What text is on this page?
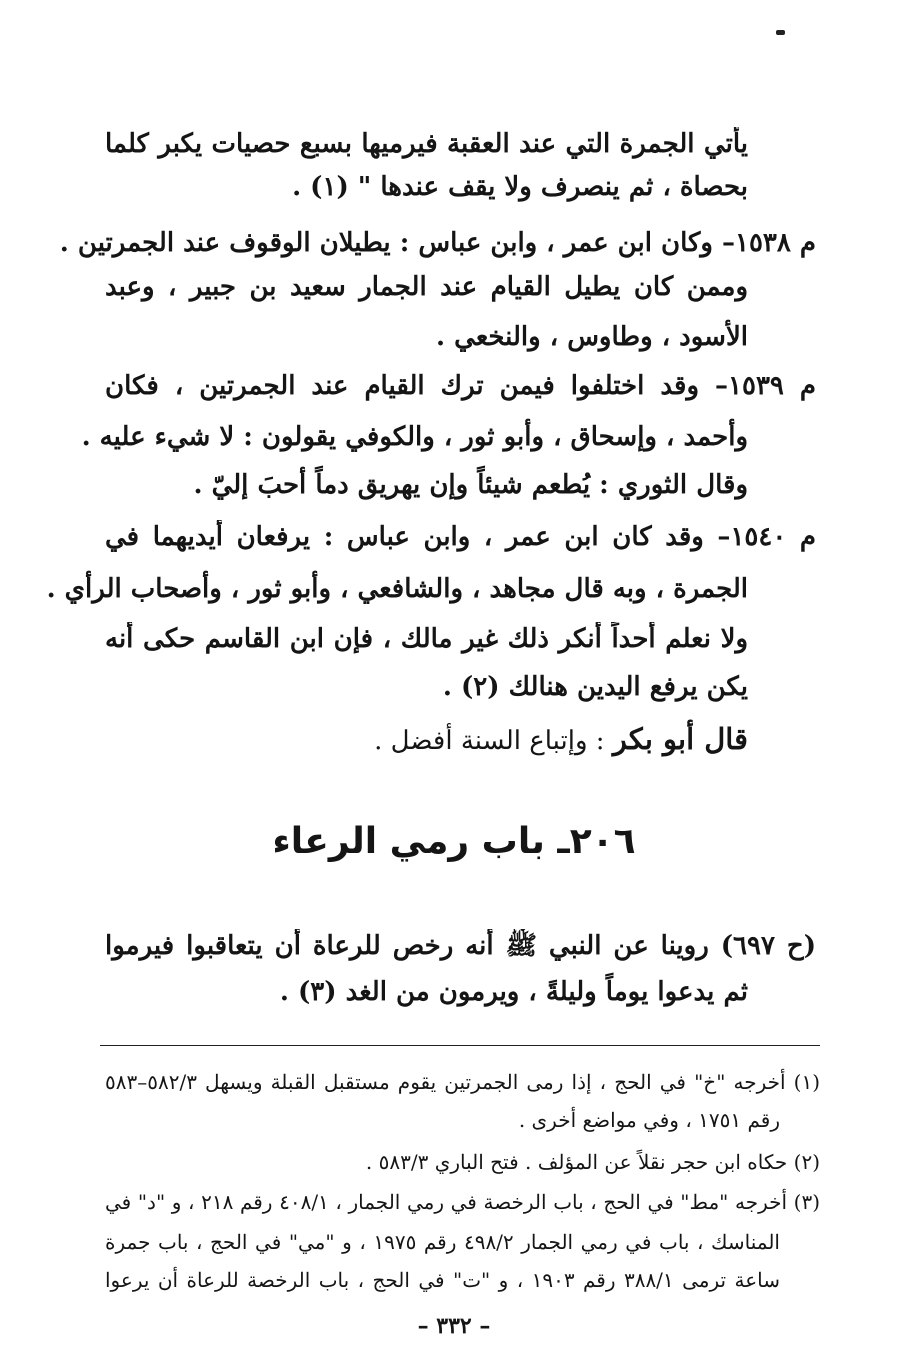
يأتي الجمرة التي عند العقبة فيرميها بسبع حصيات يكبر كلما
بحصاة ، ثم ينصرف ولا يقف عندها " (١) .
م ١٥٣٨– وكان ابن عمر ، وابن عباس : يطيلان الوقوف عند الجمرتين .
وممن كان يطيل القيام عند الجمار سعيد بن جبير ، وعبد
الأسود ، وطاوس ، والنخعي .
م ١٥٣٩– وقد اختلفوا فيمن ترك القيام عند الجمرتين ، فكان
وأحمد ، وإسحاق ، وأبو ثور ، والكوفي يقولون : لا شيء عليه .
وقال الثوري : يُطعم شيئاً وإن يهريق دماً أحبَ إليّ .
م ١٥٤٠– وقد كان ابن عمر ، وابن عباس : يرفعان أيديهما في
الجمرة ، وبه قال مجاهد ، والشافعي ، وأبو ثور ، وأصحاب الرأي .
ولا نعلم أحداً أنكر ذلك غير مالك ، فإن ابن القاسم حكى أنه
يكن يرفع اليدين هنالك (٢) .
قال أبو بكر : وإتباع السنة أفضل .
٢٠٦ـ باب رمي الرعاء
(ح ٦٩٧) روينا عن النبي ﷺ أنه رخص للرعاة أن يتعاقبوا فيرموا
ثم يدعوا يوماً وليلةً ، ويرمون من الغد (٣) .
(١) أخرجه "خ" في الحج ، إذا رمى الجمرتين يقوم مستقبل القبلة ويسهل ٥٨٢/٣–٥٨٣
رقم ١٧٥١ ، وفي مواضع أخرى .
(٢) حكاه ابن حجر نقلاً عن المؤلف . فتح الباري ٥٨٣/٣ .
(٣) أخرجه "مط" في الحج ، باب الرخصة في رمي الجمار ، ٤٠٨/١ رقم ٢١٨ ، و "د" في
المناسك ، باب في رمي الجمار ٤٩٨/٢ رقم ١٩٧٥ ، و "مي" في الحج ، باب جمرة
ساعة ترمى ٣٨٨/١ رقم ١٩٠٣ ، و "ت" في الحج ، باب الرخصة للرعاة أن يرعوا
– ٣٣٢ –
